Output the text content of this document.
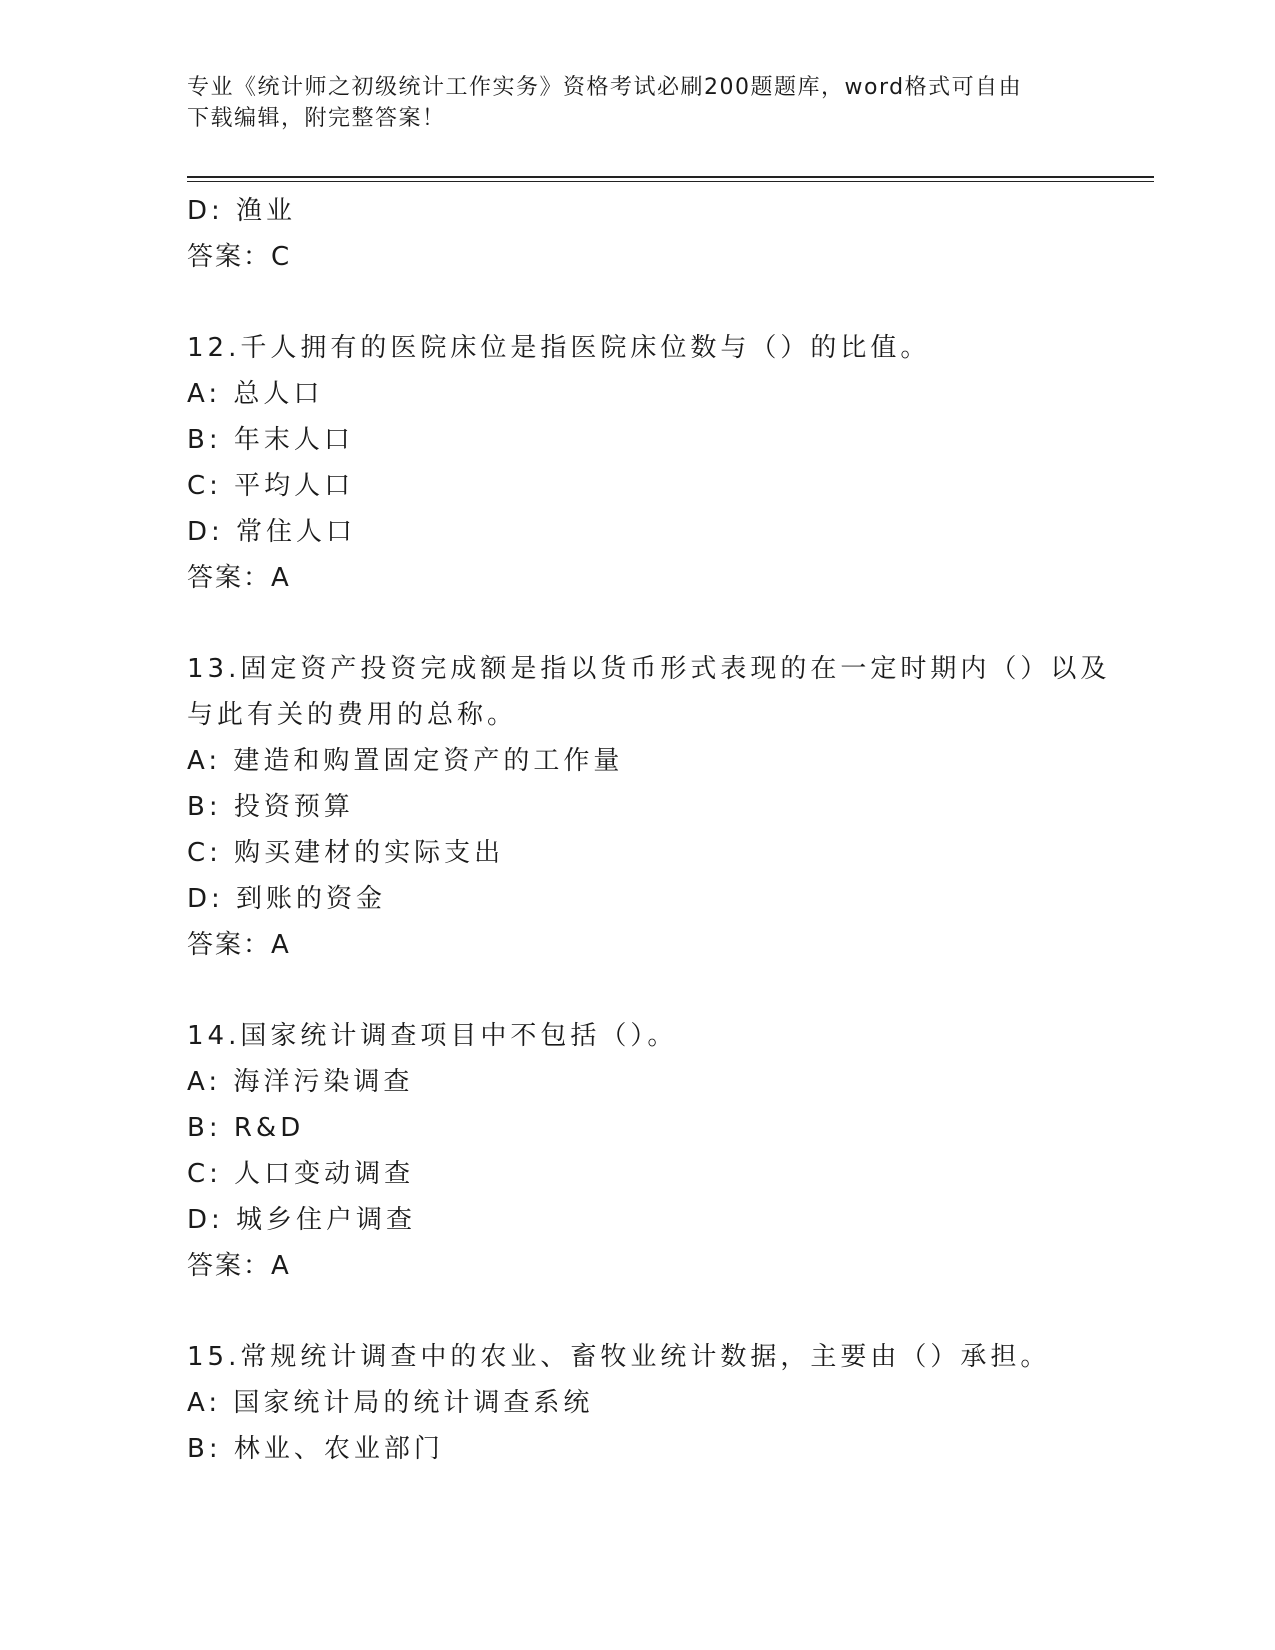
专业《统计师之初级统计工作实务》资格考试必刷200题题库，word格式可自由
下载编辑，附完整答案！
D: 渔业
答案：C
12.千人拥有的医院床位是指医院床位数与（）的比值。
A: 总人口
B: 年末人口
C: 平均人口
D: 常住人口
答案：A
13.固定资产投资完成额是指以货币形式表现的在一定时期内（）以及
与此有关的费用的总称。
A: 建造和购置固定资产的工作量
B: 投资预算
C: 购买建材的实际支出
D: 到账的资金
答案：A
14.国家统计调查项目中不包括（）。
A: 海洋污染调查
B: R&D
C: 人口变动调查
D: 城乡住户调查
答案：A
15.常规统计调查中的农业、畜牧业统计数据，主要由（）承担。
A: 国家统计局的统计调查系统
B: 林业、农业部门
